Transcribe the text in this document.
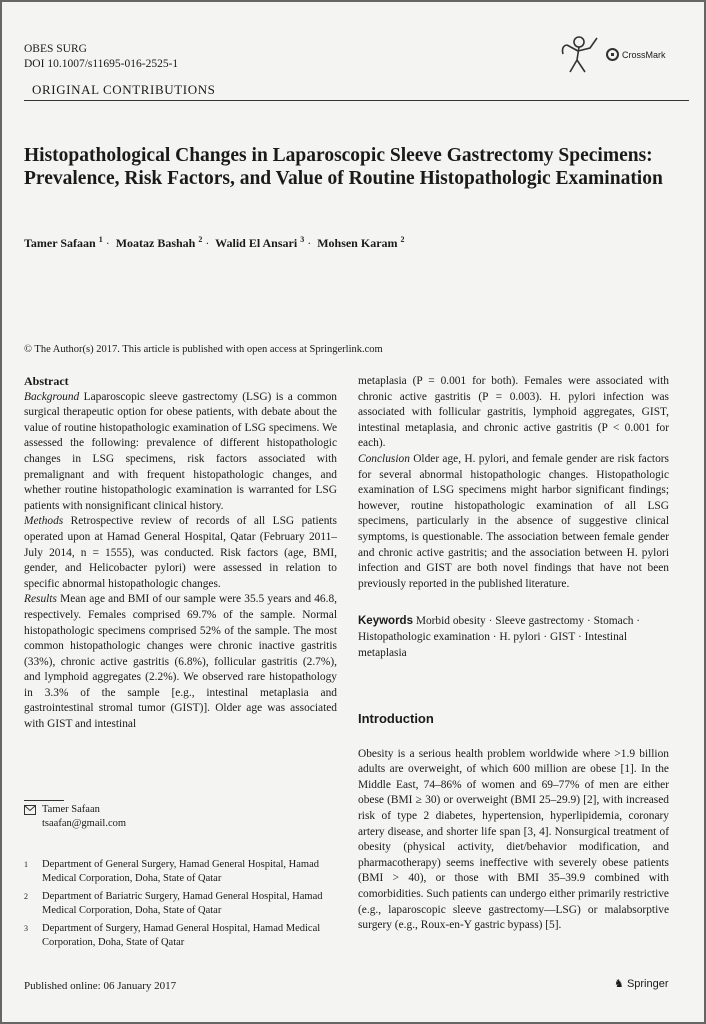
OBES SURG
DOI 10.1007/s11695-016-2525-1
CrossMark
ORIGINAL CONTRIBUTIONS
Histopathological Changes in Laparoscopic Sleeve Gastrectomy Specimens: Prevalence, Risk Factors, and Value of Routine Histopathologic Examination
Tamer Safaan $^1$ · Moataz Bashah $^2$ · Walid El Ansari $^3$ · Mohsen Karam $^2$
© The Author(s) 2017. This article is published with open access at Springerlink.com

Abstract

Background Laparoscopic sleeve gastrectomy (LSG) is a common surgical therapeutic option for obese patients, with debate about the value of routine histopathologic examination of LSG specimens. We assessed the following: prevalence of different histopathologic changes in LSG specimens, risk factors associated with premalignant and with frequent histopathologic changes, and whether routine histopathologic examination is warranted for LSG patients with nonsignificant clinical history.

Methods Retrospective review of records of all LSG patients operated upon at Hamad General Hospital, Qatar (February 2011–July 2014, n = 1555), was conducted. Risk factors (age, BMI, gender, and Helicobacter pylori) were assessed in relation to specific abnormal histopathologic changes.

Results Mean age and BMI of our sample were 35.5 years and 46.8, respectively. Females comprised 69.7% of the sample. Normal histopathologic specimens comprised 52% of the sample. The most common histopathologic changes were chronic inactive gastritis (33%), chronic active gastritis (6.8%), follicular gastritis (2.7%), and lymphoid aggregates (2.2%). We observed rare histopathology in 3.3% of the sample [e.g., intestinal metaplasia and gastrointestinal stromal tumor (GIST)]. Older age was associated with GIST and intestinal

metaplasia (P = 0.001 for both). Females were associated with chronic active gastritis (P = 0.003). H. pylori infection was associated with follicular gastritis, lymphoid aggregates, GIST, intestinal metaplasia, and chronic active gastritis (P < 0.001 for each).

Conclusion Older age, H. pylori, and female gender are risk factors for several abnormal histopathologic changes. Histopathologic examination of LSG specimens might harbor significant findings; however, routine histopathologic examination of all LSG specimens, particularly in the absence of suggestive clinical symptoms, is questionable. The association between female gender and chronic active gastritis; and the association between H. pylori infection and GIST are both novel findings that have not been previously reported in the published literature.

Keywords Morbid obesity · Sleeve gastrectomy · Stomach · Histopathologic examination · H. pylori · GIST · Intestinal metaplasia

Introduction

Obesity is a serious health problem worldwide where >1.9 billion adults are overweight, of which 600 million are obese [1]. In the Middle East, 74–86% of women and 69–77% of men are either obese (BMI ≥ 30) or overweight (BMI 25–29.9) [2], with increased risk of type 2 diabetes, hypertension, hyperlipidemia, coronary artery disease, and shorter life span [3, 4]. Nonsurgical treatment of obesity (physical activity, diet/behavior modification, and pharmacotherapy) seems ineffective with severely obese patients (BMI > 40), or those with BMI 35–39.9 combined with comorbidities. Such patients can undergo either primarily restrictive (e.g., laparoscopic sleeve gastrectomy—LSG) or malabsorptive surgery (e.g., Roux-en-Y gastric bypass) [5].

Tamer Safaan
tsaafan@gmail.com
1	Department of General Surgery, Hamad General Hospital, Hamad Medical Corporation, Doha, State of Qatar
2	Department of Bariatric Surgery, Hamad General Hospital, Hamad Medical Corporation, Doha, State of Qatar
3	Department of Surgery, Hamad General Hospital, Hamad Medical Corporation, Doha, State of Qatar
Published online: 06 January 2017	♞ Springer
